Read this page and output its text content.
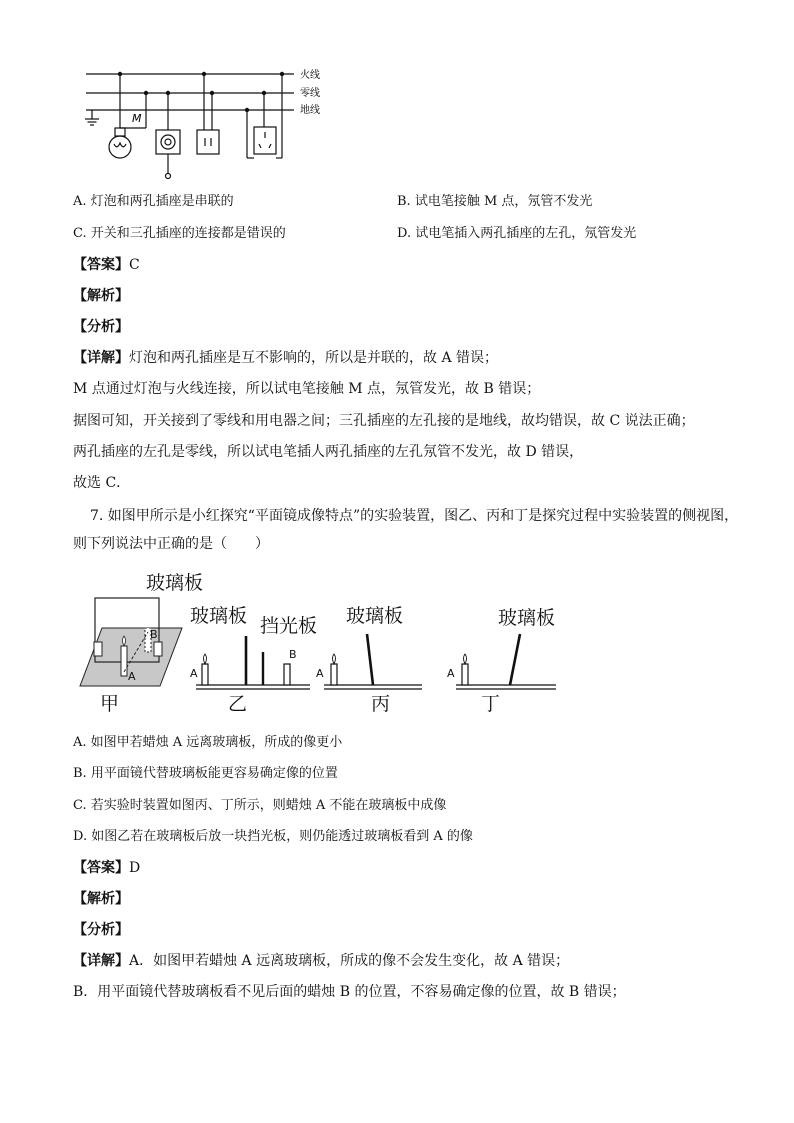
火线
零线
地线
M
A. 灯泡和两孔插座是串联的	B. 试电笔接触 M 点，氖管不发光
C. 开关和三孔插座的连接都是错误的	D. 试电笔插入两孔插座的左孔，氖管发光
【答案】C
【解析】
【分析】
【详解】灯泡和两孔插座是互不影响的，所以是并联的，故 A 错误；
M 点通过灯泡与火线连接，所以试电笔接触 M 点，氖管发光，故 B 错误；
据图可知，开关接到了零线和用电器之间；三孔插座的左孔接的是地线，故均错误，故 C 说法正确；
两孔插座的左孔是零线，所以试电笔插人两孔插座的左孔氖管不发光，故 D 错误，
故选 C．
7. 如图甲所示是小红探究“平面镜成像特点”的实验装置，图乙、丙和丁是探究过程中实验装置的侧视图，
则下列说法中正确的是（　　）
玻璃板
玻璃板 挡光板 玻璃板	玻璃板
甲	乙	丙	丁
A
B
A
B
A	A
A. 如图甲若蜡烛 A 远离玻璃板，所成的像更小
B. 用平面镜代替玻璃板能更容易确定像的位置
C. 若实验时装置如图丙、丁所示，则蜡烛 A 不能在玻璃板中成像
D. 如图乙若在玻璃板后放一块挡光板，则仍能透过玻璃板看到 A 的像
【答案】D
【解析】
【分析】
【详解】A．如图甲若蜡烛 A 远离玻璃板，所成的像不会发生变化，故 A 错误；
B．用平面镜代替玻璃板看不见后面的蜡烛 B 的位置，不容易确定像的位置，故 B 错误；
